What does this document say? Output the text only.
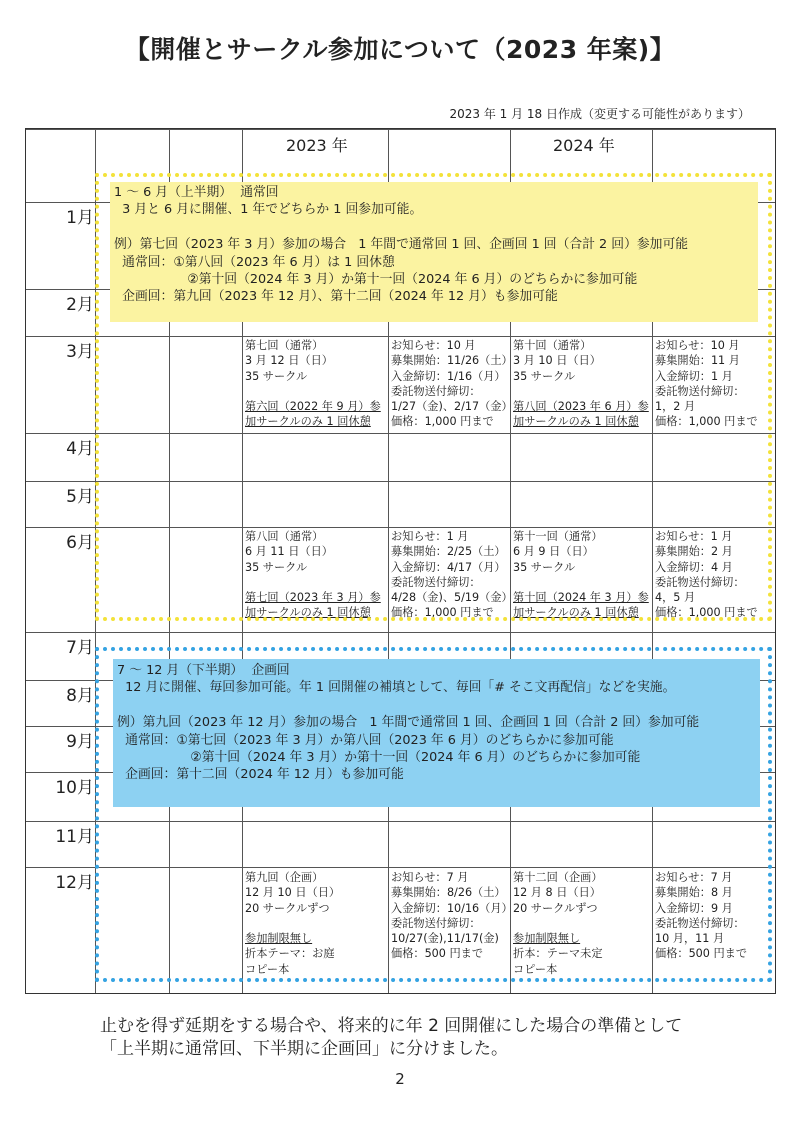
【開催とサークル参加について（2023 年案)】
2023 年 1 月 18 日作成（変更する可能性があります）
2023 年	2024 年
1月
2月
3月
4月
5月
6月
7月
8月
9月
10月
11月
12月
第七回（通常）
3 月 12 日（日）
35 サークル

第六回（2022 年 9 月）参
加サークルのみ 1 回休憩
お知らせ：10 月
募集開始：11/26（土）
入金締切：1/16（月）
委託物送付締切：
1/27（金)、2/17（金）
価格：1,000 円まで
第十回（通常）
3 月 10 日（日）
35 サークル

第八回（2023 年 6 月）参
加サークルのみ 1 回休憩
お知らせ：10 月
募集開始：11 月
入金締切：1 月
委託物送付締切：
1，2 月
価格：1,000 円まで
第八回（通常）
6 月 11 日（日）
35 サークル

第七回（2023 年 3 月）参
加サークルのみ 1 回休憩
お知らせ：1 月
募集開始：2/25（土）
入金締切：4/17（月）
委託物送付締切：
4/28（金)、5/19（金）
価格：1,000 円まで
第十一回（通常）
6 月 9 日（日）
35 サークル

第十回（2024 年 3 月）参
加サークルのみ 1 回休憩
お知らせ：1 月
募集開始：2 月
入金締切：4 月
委託物送付締切：
4，5 月
価格：1,000 円まで
第九回（企画）
12 月 10 日（日）
20 サークルずつ

参加制限無し
折本テーマ：お庭
コピー本
お知らせ：7 月
募集開始：8/26（土）
入金締切：10/16（月）
委託物送付締切：
10/27(金),11/17(金)
価格：500 円まで
第十二回（企画）
12 月 8 日（日）
20 サークルずつ

参加制限無し
折本：テーマ未定
コピー本
お知らせ：7 月
募集開始：8 月
入金締切：9 月
委託物送付締切：
10 月，11 月
価格：500 円まで
1 ～ 6 月（上半期）  通常回
3 月と 6 月に開催、1 年でどちらか 1 回参加可能。

例）第七回（2023 年 3 月）参加の場合   1 年間で通常回 1 回、企画回 1 回（合計 2 回）参加可能
通常回：①第八回（2023 年 6 月）は 1 回休憩
②第十回（2024 年 3 月）か第十一回（2024 年 6 月）のどちらかに参加可能
企画回：第九回（2023 年 12 月）、第十二回（2024 年 12 月）も参加可能
7 ～ 12 月（下半期）  企画回
12 月に開催、毎回参加可能。年 1 回開催の補填として、毎回「# そこ文再配信」などを実施。

例）第九回（2023 年 12 月）参加の場合   1 年間で通常回 1 回、企画回 1 回（合計 2 回）参加可能
通常回：①第七回（2023 年 3 月）か第八回（2023 年 6 月）のどちらかに参加可能
②第十回（2024 年 3 月）か第十一回（2024 年 6 月）のどちらかに参加可能
企画回：第十二回（2024 年 12 月）も参加可能
止むを得ず延期をする場合や、将来的に年 2 回開催にした場合の準備として
「上半期に通常回、下半期に企画回」に分けました。
2
